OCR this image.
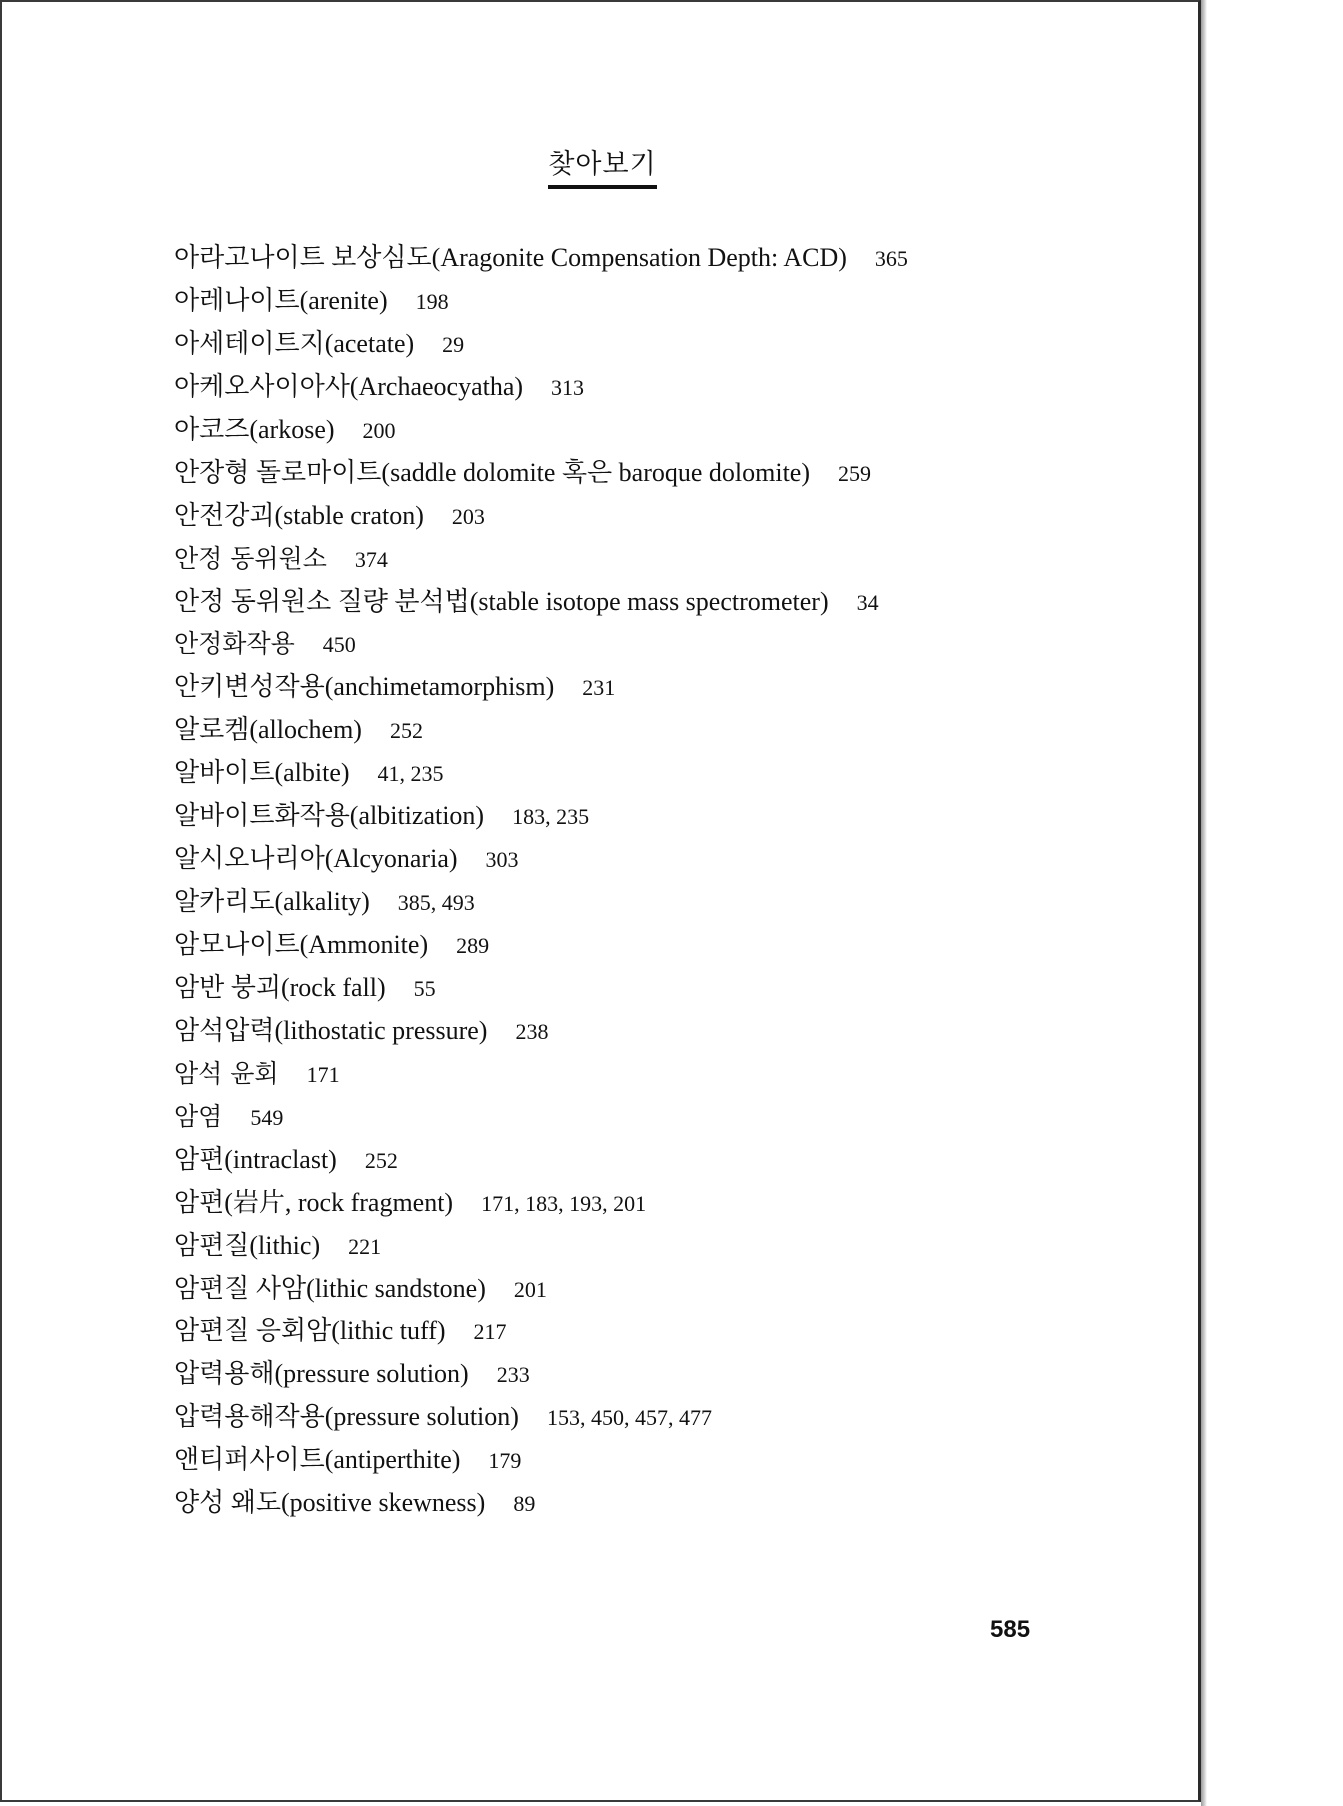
찾아보기
아라고나이트 보상심도(Aragonite Compensation Depth: ACD) 365
아레나이트(arenite) 198
아세테이트지(acetate) 29
아케오사이아사(Archaeocyatha) 313
아코즈(arkose) 200
안장형 돌로마이트(saddle dolomite 혹은 baroque dolomite) 259
안전강괴(stable craton) 203
안정 동위원소 374
안정 동위원소 질량 분석법(stable isotope mass spectrometer) 34
안정화작용 450
안키변성작용(anchimetamorphism) 231
알로켐(allochem) 252
알바이트(albite) 41, 235
알바이트화작용(albitization) 183, 235
알시오나리아(Alcyonaria) 303
알카리도(alkality) 385, 493
암모나이트(Ammonite) 289
암반 붕괴(rock fall) 55
암석압력(lithostatic pressure) 238
암석 윤회 171
암염 549
암편(intraclast) 252
암편(岩片, rock fragment) 171, 183, 193, 201
암편질(lithic) 221
암편질 사암(lithic sandstone) 201
암편질 응회암(lithic tuff) 217
압력용해(pressure solution) 233
압력용해작용(pressure solution) 153, 450, 457, 477
앤티퍼사이트(antiperthite) 179
양성 왜도(positive skewness) 89
585
